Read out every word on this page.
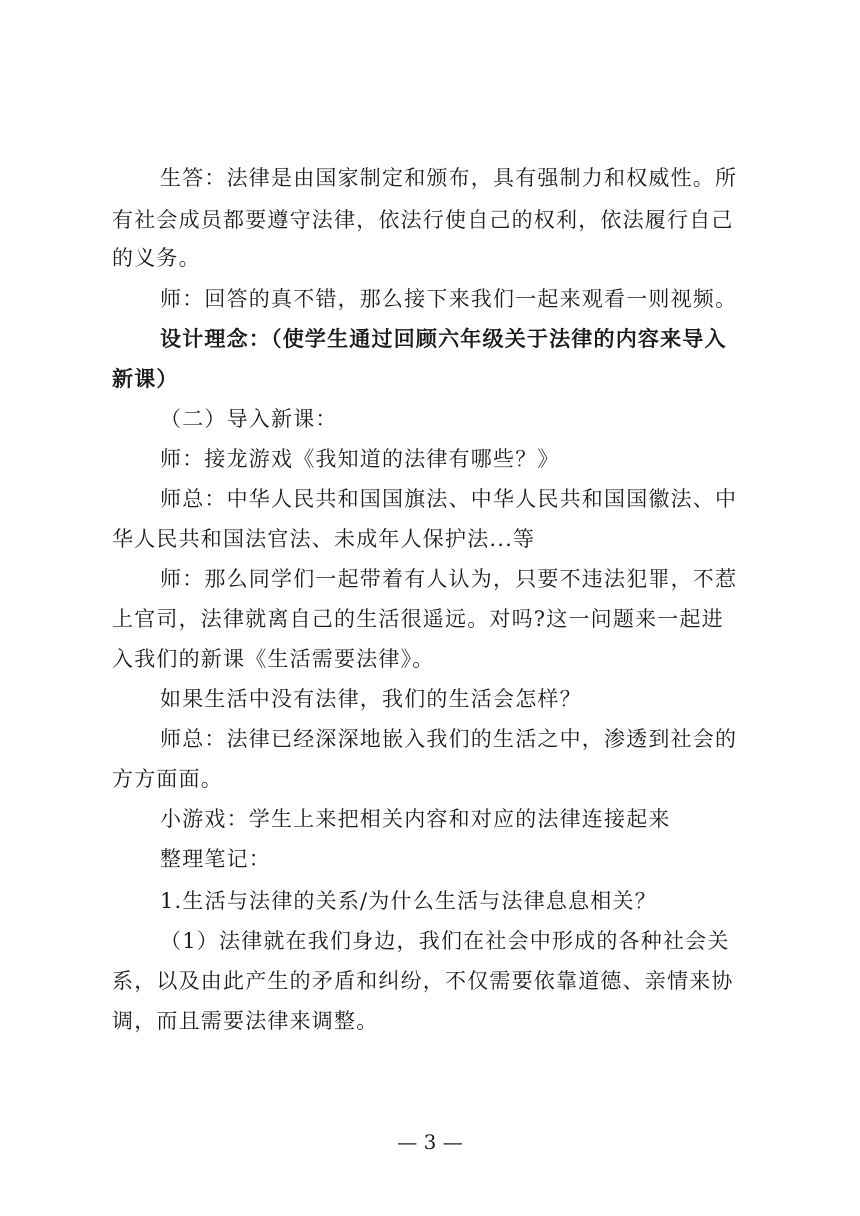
生答：法律是由国家制定和颁布，具有强制力和权威性。所
有社会成员都要遵守法律，依法行使自己的权利，依法履行自己
的义务。
师：回答的真不错，那么接下来我们一起来观看一则视频。
设计理念：（使学生通过回顾六年级关于法律的内容来导入
新课）
（二）导入新课：
师：接龙游戏《我知道的法律有哪些？》
师总：中华人民共和国国旗法、中华人民共和国国徽法、中
华人民共和国法官法、未成年人保护法...等
师：那么同学们一起带着有人认为，只要不违法犯罪，不惹
上官司，法律就离自己的生活很遥远。对吗?这一问题来一起进
入我们的新课《生活需要法律》。
如果生活中没有法律，我们的生活会怎样？
师总：法律已经深深地嵌入我们的生活之中，渗透到社会的
方方面面。
小游戏：学生上来把相关内容和对应的法律连接起来
整理笔记：
1.生活与法律的关系/为什么生活与法律息息相关？
（1）法律就在我们身边，我们在社会中形成的各种社会关
系，以及由此产生的矛盾和纠纷，不仅需要依靠道德、亲情来协
调，而且需要法律来调整。
— 3 —
